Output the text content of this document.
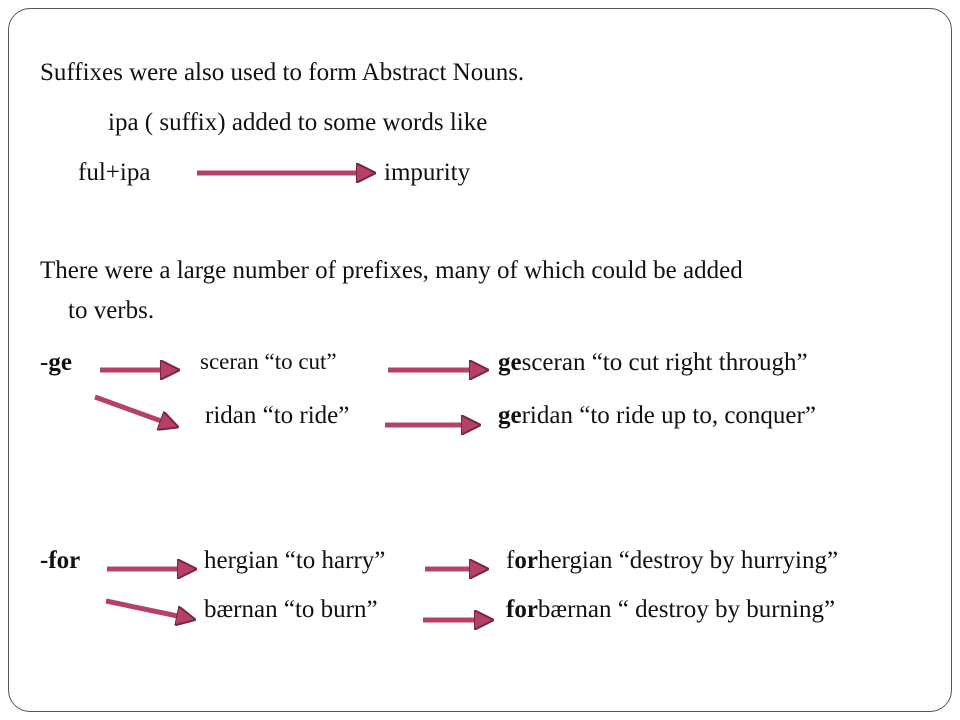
Suffixes were also used to form Abstract Nouns.
ipa ( suffix) added to some words like
ful+ipa	impurity
There were a large number of prefixes, many of which could be added
to verbs.
-ge	sceran “to cut”	gesceran “to cut right through”
ridan “to ride”	geridan “to ride up to, conquer”
-for	hergian “to harry”	forhergian “destroy by hurrying”
bærnan “to burn”	forbærnan “ destroy by burning”
